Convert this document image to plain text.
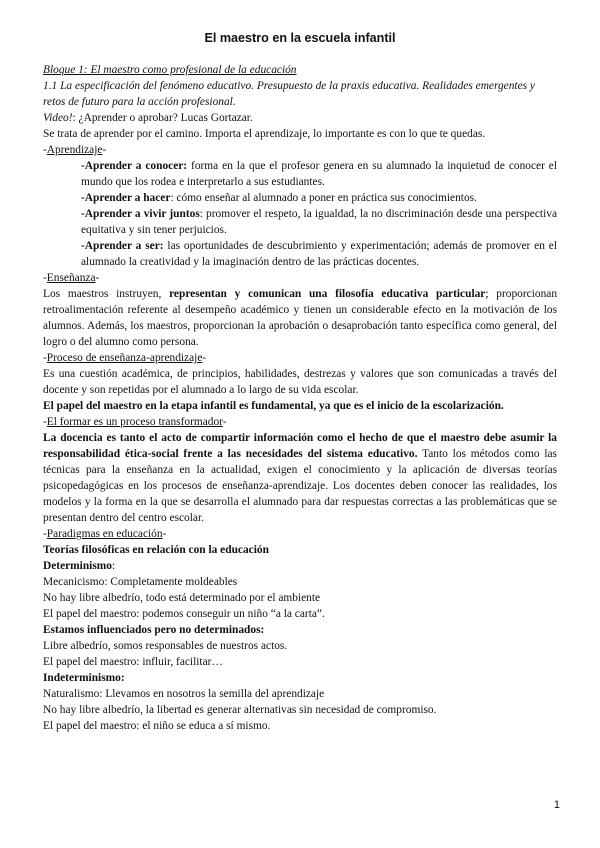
El maestro en la escuela infantil

Bloque 1: El maestro como profesional de la educación

1.1 La especificación del fenómeno educativo. Presupuesto de la praxis educativa. Realidades emergentes y retos de futuro para la acción profesional.

Video!: ¿Aprender o aprobar? Lucas Gortazar.

Se trata de aprender por el camino. Importa el aprendizaje, lo importante es con lo que te quedas.

-Aprendizaje-

-Aprender a conocer: forma en la que el profesor genera en su alumnado la inquietud de conocer el mundo que los rodea e interpretarlo a sus estudiantes.

-Aprender a hacer: cómo enseñar al alumnado a poner en práctica sus conocimientos.

-Aprender a vivir juntos: promover el respeto, la igualdad, la no discriminación desde una perspectiva equitativa y sin tener perjuicios.

-Aprender a ser: las oportunidades de descubrimiento y experimentación; además de promover en el alumnado la creatividad y la imaginación dentro de las prácticas docentes.

-Enseñanza-

Los maestros instruyen, representan y comunican una filosofía educativa particular; proporcionan retroalimentación referente al desempeño académico y tienen un considerable efecto en la motivación de los alumnos. Además, los maestros, proporcionan la aprobación o desaprobación tanto específica como general, del logro o del alumno como persona.

-Proceso de enseñanza-aprendizaje-

Es una cuestión académica, de principios, habilidades, destrezas y valores que son comunicadas a través del docente y son repetidas por el alumnado a lo largo de su vida escolar.

El papel del maestro en la etapa infantil es fundamental, ya que es el inicio de la escolarización.

-El formar es un proceso transformador-

La docencia es tanto el acto de compartir información como el hecho de que el maestro debe asumir la responsabilidad ética-social frente a las necesidades del sistema educativo. Tanto los métodos como las técnicas para la enseñanza en la actualidad, exigen el conocimiento y la aplicación de diversas teorías psicopedagógicas en los procesos de enseñanza-aprendizaje. Los docentes deben conocer las realidades, los modelos y la forma en la que se desarrolla el alumnado para dar respuestas correctas a las problemáticas que se presentan dentro del centro escolar.

-Paradigmas en educación-

Teorías filosóficas en relación con la educación

Determinismo:

Mecanicismo: Completamente moldeables

No hay libre albedrío, todo está determinado por el ambiente

El papel del maestro: podemos conseguir un niño “a la carta”.

Estamos influenciados pero no determinados:

Libre albedrío, somos responsables de nuestros actos.

El papel del maestro: influir, facilitar…

Indeterminismo:

Naturalismo: Llevamos en nosotros la semilla del aprendizaje

No hay libre albedrío, la libertad es generar alternativas sin necesidad de compromiso.

El papel del maestro: el niño se educa a sí mismo.

1
